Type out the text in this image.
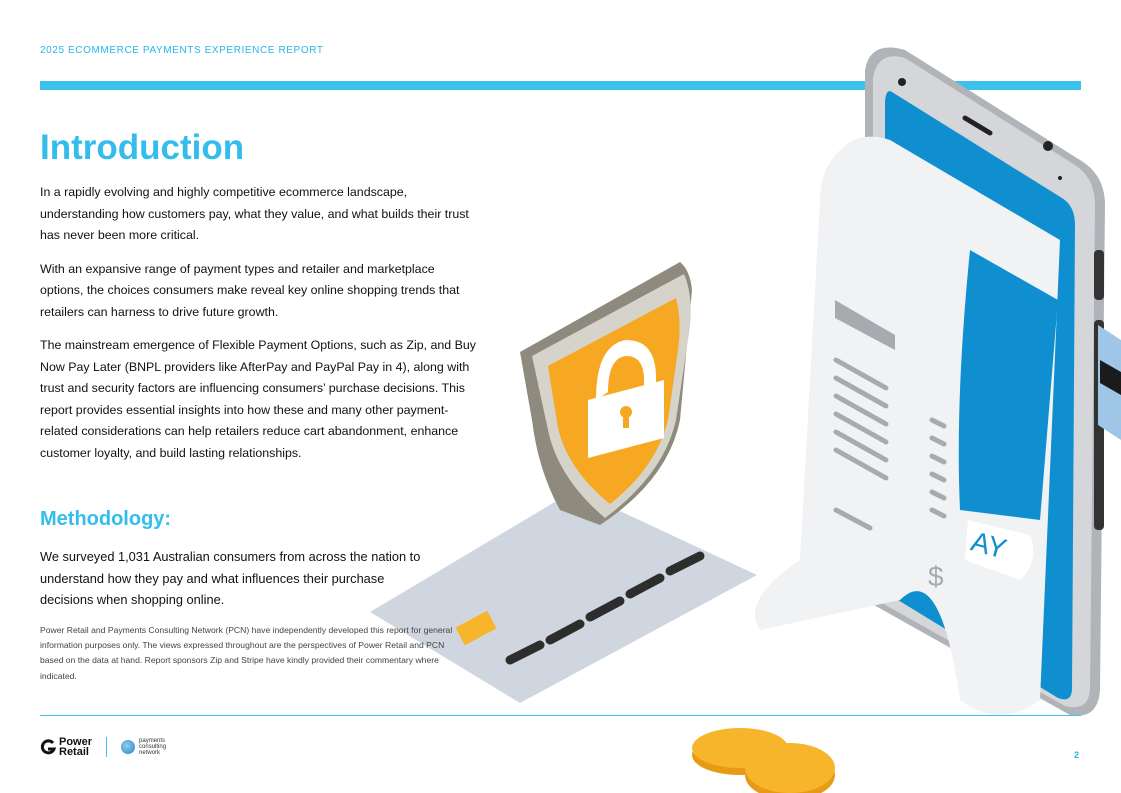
2025 ECOMMERCE PAYMENTS EXPERIENCE REPORT
AY
$
Introduction

In a rapidly evolving and highly competitive ecommerce landscape, understanding how customers pay, what they value, and what builds their trust has never been more critical.

With an expansive range of payment types and retailer and marketplace options, the choices consumers make reveal key online shopping trends that retailers can harness to drive future growth.

The mainstream emergence of Flexible Payment Options, such as Zip, and Buy Now Pay Later (BNPL providers like AfterPay and PayPal Pay in 4), along with trust and security factors are influencing consumers’ purchase decisions. This report provides essential insights into how these and many other payment-related considerations can help retailers reduce cart abandonment, enhance customer loyalty, and build lasting relationships.

Methodology:

We surveyed 1,031 Australian consumers from across the nation to understand how they pay and what influences their purchase decisions when shopping online.

Power Retail and Payments Consulting Network (PCN) have independently developed this report for general information purposes only. The views expressed throughout are the perspectives of Power Retail and PCN based on the data at hand. Report sponsors Zip and Stripe have kindly provided their commentary where indicated.

Power
Retail
payments
consulting
network	2
